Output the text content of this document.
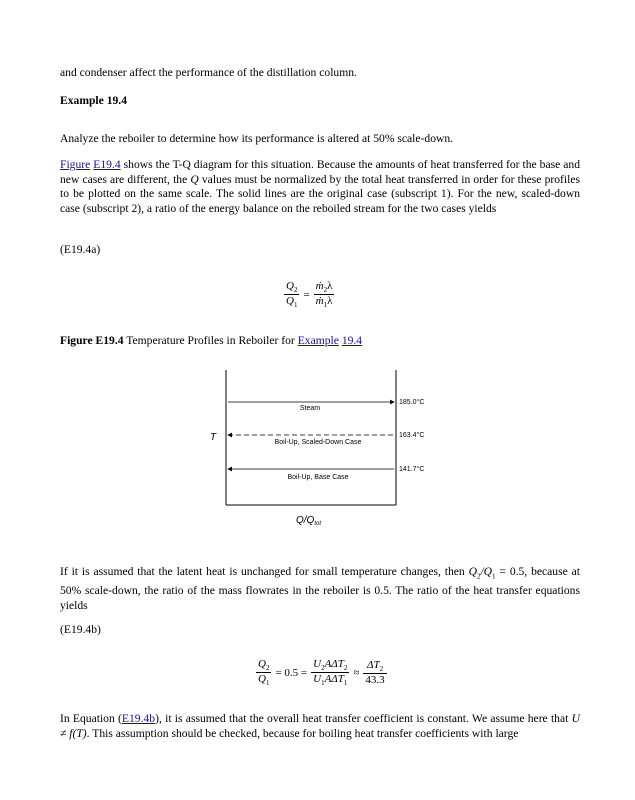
and condenser affect the performance of the distillation column.

Example 19.4

Analyze the reboiler to determine how its performance is altered at 50% scale-down.

Figure E19.4 shows the T-Q diagram for this situation. Because the amounts of heat transferred for the base and new cases are different, the Q values must be normalized by the total heat transferred in order for these profiles to be plotted on the same scale. The solid lines are the original case (subscript 1). For the new, scaled-down case (subscript 2), a ratio of the energy balance on the reboiled stream for the two cases yields

(E19.4a)

$\frac{Q_2}{Q_1} = \frac{ṁ_2\lambda}{ṁ_1\lambda}$

Figure E19.4 Temperature Profiles in Reboiler for Example 19.4

Steam
185.0°C
Boil-Up, Scaled-Down Case
163.4°C
Boil-Up, Base Case
141.7°C
T
$Q/Q_{tot}$

If it is assumed that the latent heat is unchanged for small temperature changes, then $Q_2/Q_1 = 0.5$, because at 50% scale-down, the ratio of the mass flowrates in the reboiler is 0.5. The ratio of the heat transfer equations yields

(E19.4b)

$\frac{Q_2}{Q_1} = 0.5 = \frac{U_2A\Delta T_2}{U_1A\Delta T_1} \approx \frac{\Delta T_2}{43.3}$

In Equation (E19.4b), it is assumed that the overall heat transfer coefficient is constant. We assume here that U ≠ f(T). This assumption should be checked, because for boiling heat transfer coefficients with large
